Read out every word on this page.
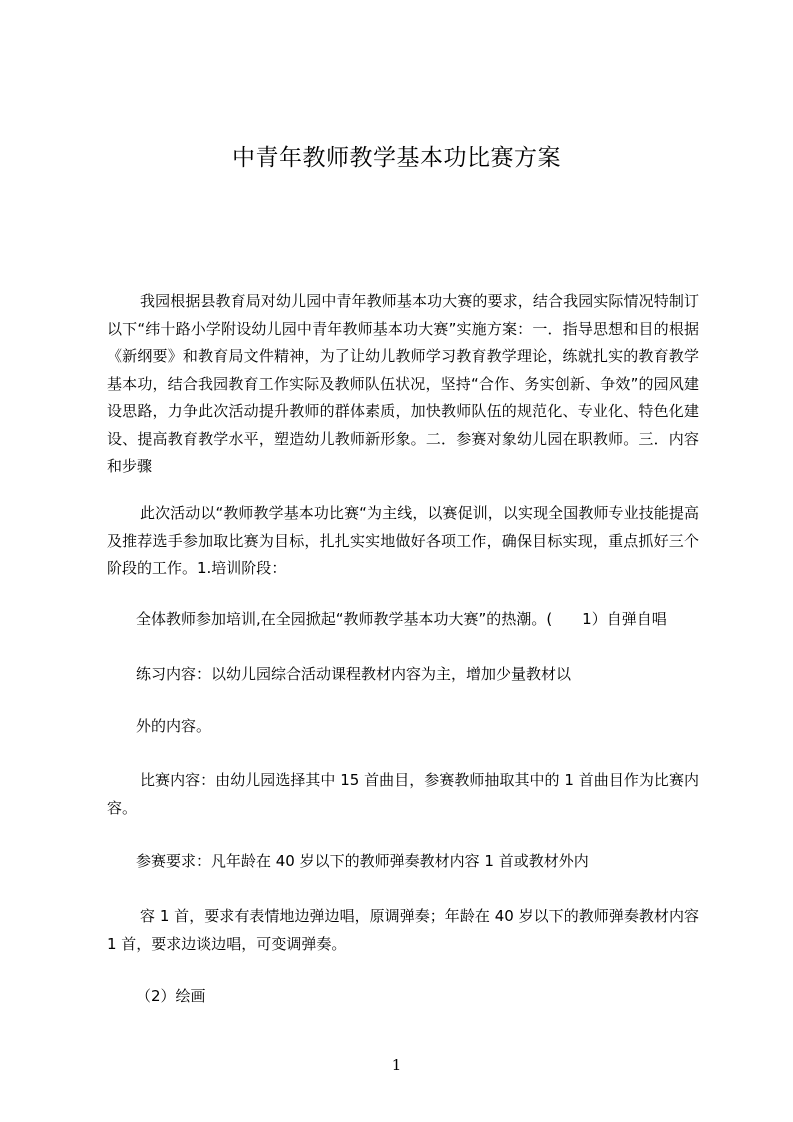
中青年教师教学基本功比赛方案
我园根据县教育局对幼儿园中青年教师基本功大赛的要求，结合我园实际情况特制订以下“纬十路小学附设幼儿园中青年教师基本功大赛”实施方案：一．指导思想和目的根据《新纲要》和教育局文件精神，为了让幼儿教师学习教育教学理论，练就扎实的教育教学基本功，结合我园教育工作实际及教师队伍状况，坚持“合作、务实创新、争效”的园风建设思路，力争此次活动提升教师的群体素质，加快教师队伍的规范化、专业化、特色化建设、提高教育教学水平，塑造幼儿教师新形象。二．参赛对象幼儿园在职教师。三．内容和步骤
此次活动以“教师教学基本功比赛“为主线，以赛促训，以实现全国教师专业技能提高及推荐选手参加取比赛为目标，扎扎实实地做好各项工作，确保目标实现，重点抓好三个阶段的工作。1.培训阶段：
全体教师参加培训,在全园掀起“教师教学基本功大赛”的热潮。(　　1）自弹自唱
练习内容：以幼儿园综合活动课程教材内容为主，增加少量教材以
外的内容。
比赛内容：由幼儿园选择其中 15 首曲目，参赛教师抽取其中的 1 首曲目作为比赛内容。
参赛要求：凡年龄在 40 岁以下的教师弹奏教材内容 1 首或教材外内
容 1 首，要求有表情地边弹边唱，原调弹奏；年龄在 40 岁以下的教师弹奏教材内容 1 首，要求边谈边唱，可变调弹奏。
（2）绘画
1
